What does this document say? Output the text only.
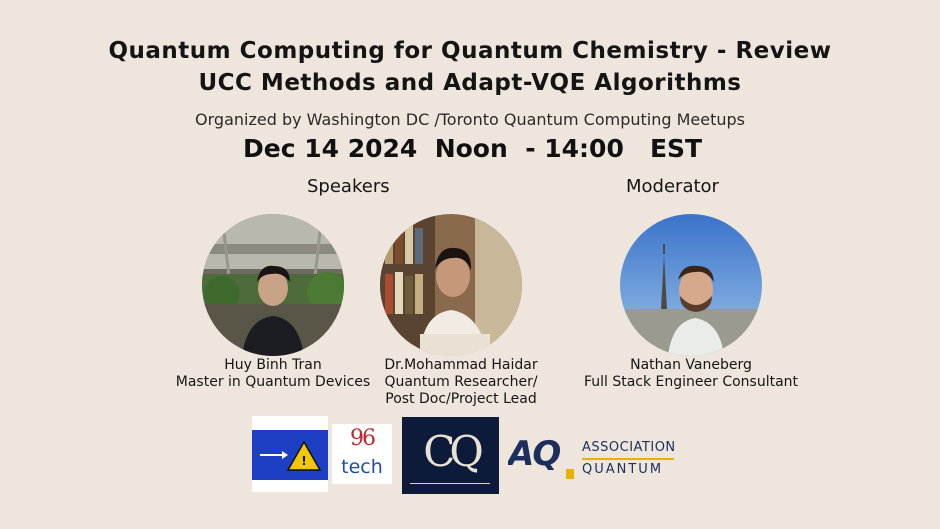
Quantum Computing for Quantum Chemistry - Review
UCC Methods and Adapt-VQE Algorithms
Organized by Washington DC /Toronto Quantum Computing Meetups
Dec 14 2024  Noon  - 14:00   EST
Speakers	Moderator
Huy Binh Tran
Master in Quantum Devices
Dr.Mohammad Haidar
Quantum Researcher/
Post Doc/Project Lead
Nathan Vaneberg
Full Stack Engineer Consultant
!
96
tech CQ AQ ASSOCIATION
QUANTUM
